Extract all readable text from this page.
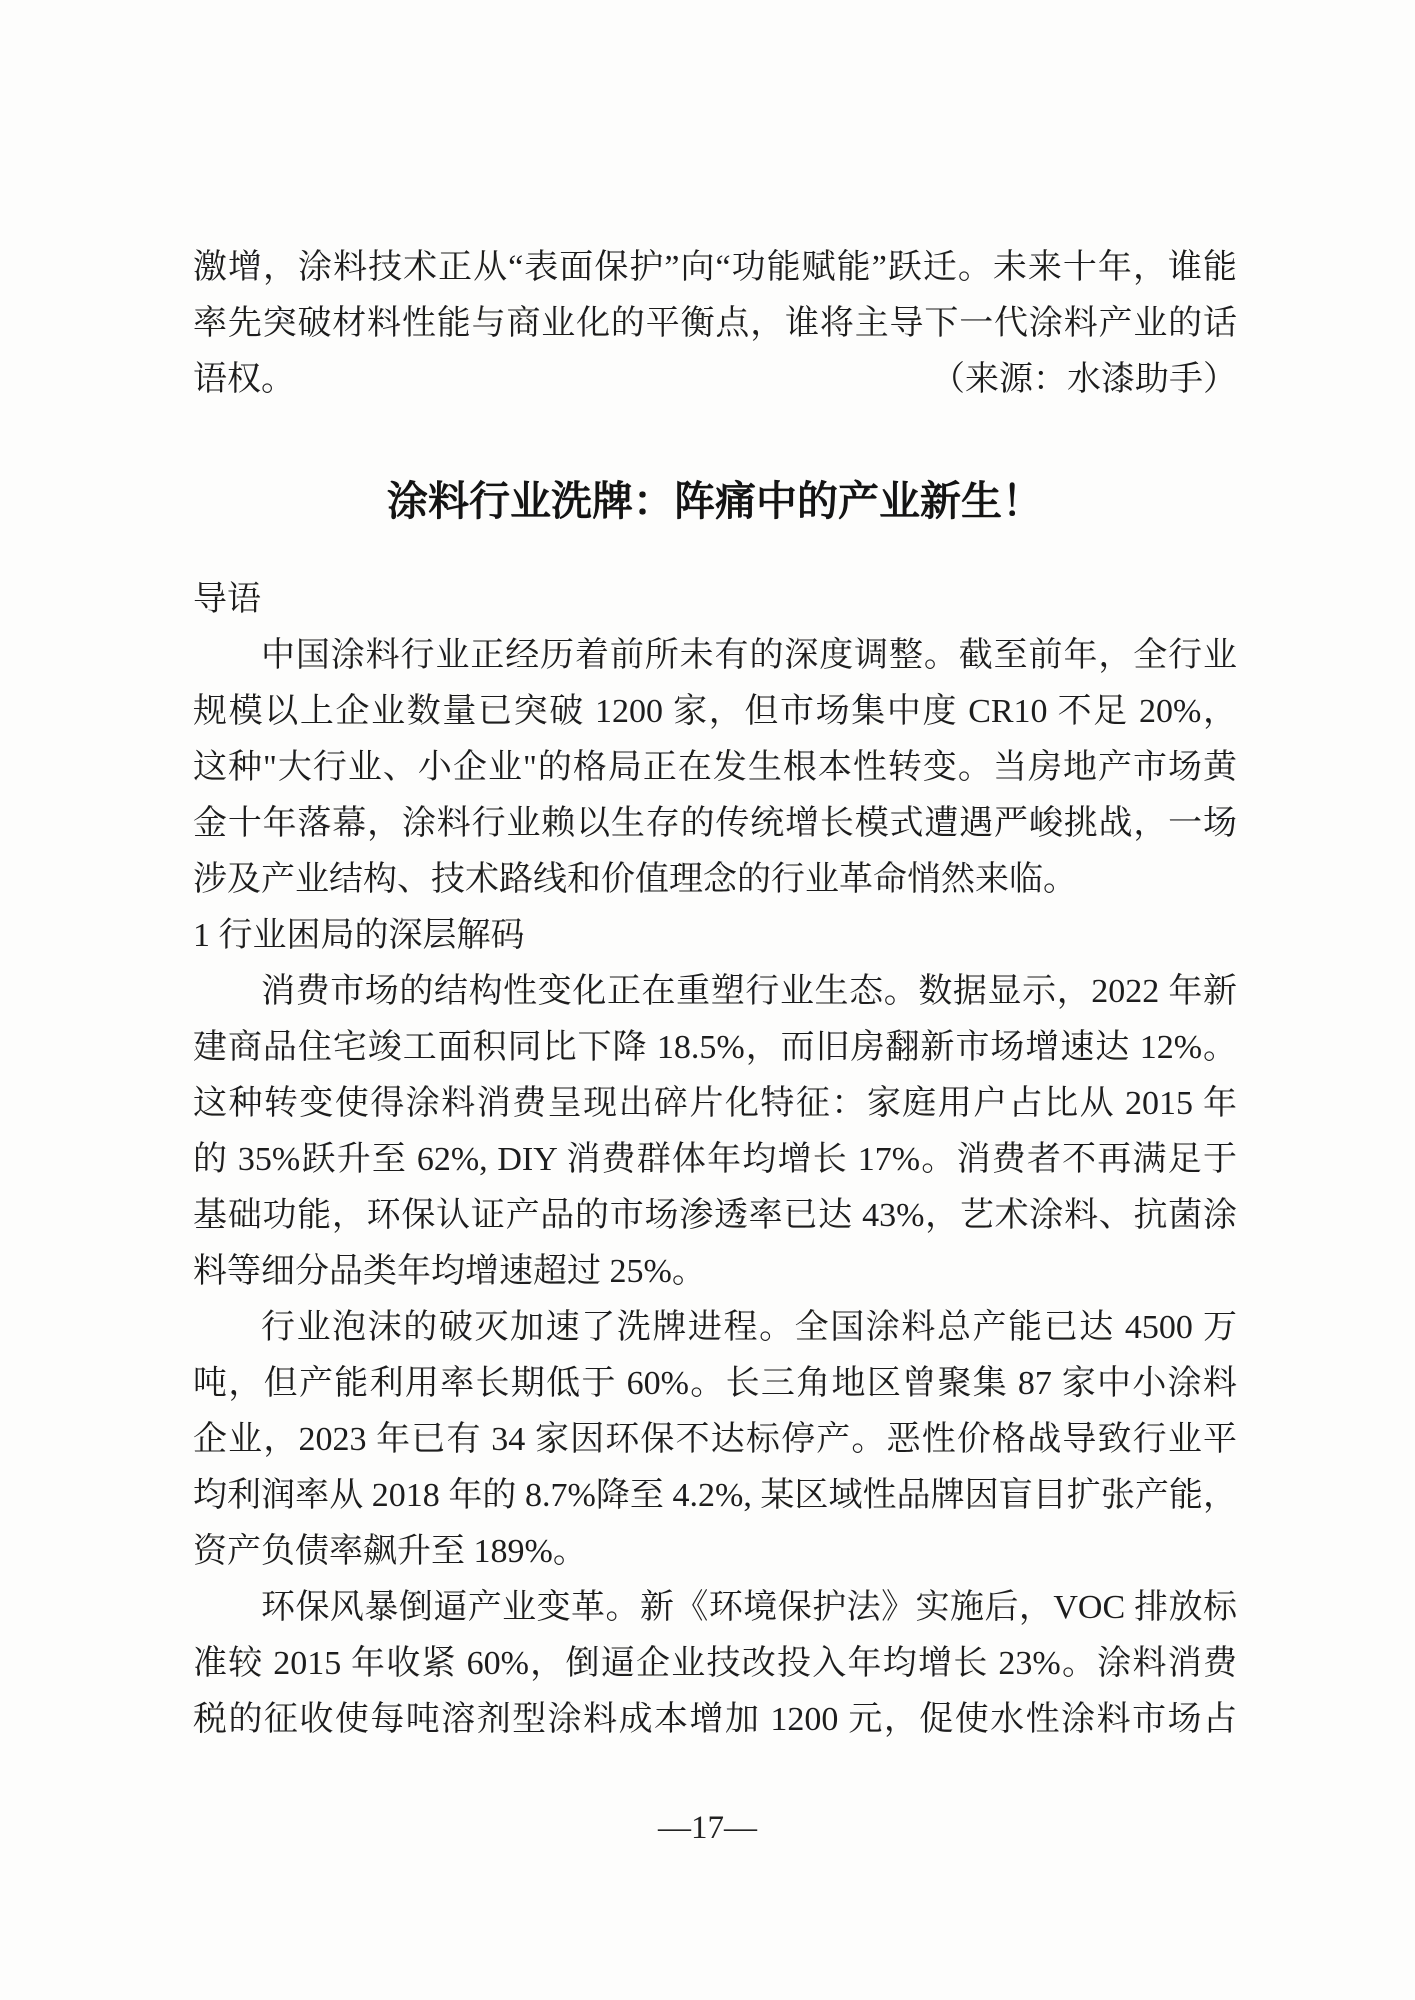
激增，涂料技术正从“表面保护”向“功能赋能”跃迁。未来十年，谁能
率先突破材料性能与商业化的平衡点，谁将主导下一代涂料产业的话
语权。	（来源：水漆助手）
涂料行业洗牌：阵痛中的产业新生！
导语
中国涂料行业正经历着前所未有的深度调整。截至前年，全行业
规模以上企业数量已突破 1200 家，但市场集中度 CR10 不足 20%，
这种"大行业、小企业"的格局正在发生根本性转变。当房地产市场黄
金十年落幕，涂料行业赖以生存的传统增长模式遭遇严峻挑战，一场
涉及产业结构、技术路线和价值理念的行业革命悄然来临。
1 行业困局的深层解码
消费市场的结构性变化正在重塑行业生态。数据显示，2022 年新
建商品住宅竣工面积同比下降 18.5%，而旧房翻新市场增速达 12%。
这种转变使得涂料消费呈现出碎片化特征：家庭用户占比从 2015 年
的 35%跃升至 62%, DIY 消费群体年均增长 17%。消费者不再满足于
基础功能，环保认证产品的市场渗透率已达 43%，艺术涂料、抗菌涂
料等细分品类年均增速超过 25%。
行业泡沫的破灭加速了洗牌进程。全国涂料总产能已达 4500 万
吨，但产能利用率长期低于 60%。长三角地区曾聚集 87 家中小涂料
企业，2023 年已有 34 家因环保不达标停产。恶性价格战导致行业平
均利润率从 2018 年的 8.7%降至 4.2%, 某区域性品牌因盲目扩张产能，
资产负债率飙升至 189%。
环保风暴倒逼产业变革。新《环境保护法》实施后，VOC 排放标
准较 2015 年收紧 60%，倒逼企业技改投入年均增长 23%。涂料消费
税的征收使每吨溶剂型涂料成本增加 1200 元，促使水性涂料市场占
—17—
